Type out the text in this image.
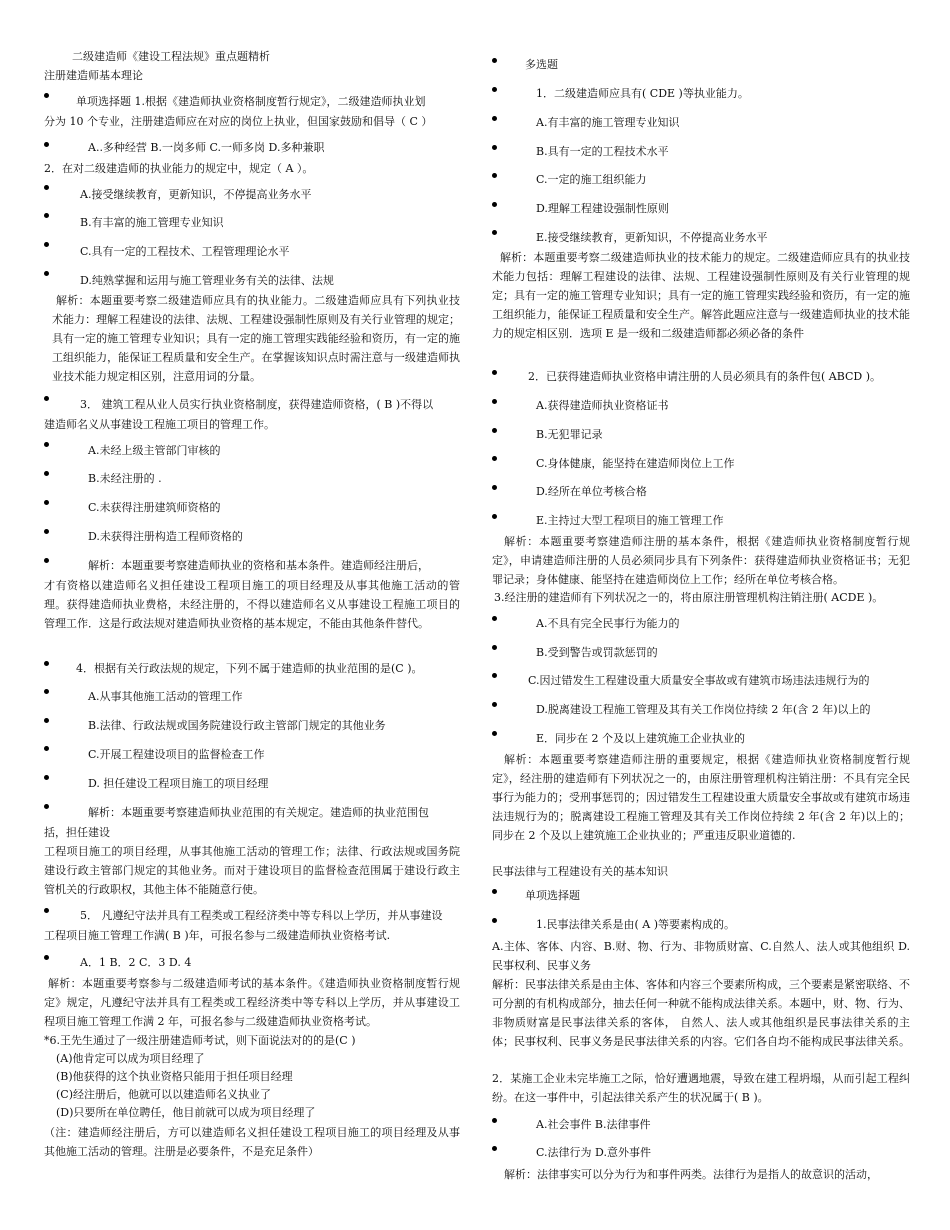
二级建造师《建设工程法规》重点题精析
注册建造师基本理论
单项选择题 1.根据《建造师执业资格制度暂行规定》，二级建造师执业划
分为 10 个专业，注册建造师应在对应的岗位上执业，但国家鼓励和倡导（ C ）
A..多种经营 B.一岗多师 C.一师多岗 D.多种兼职
2．在对二级建造师的执业能力的规定中，规定（ A ）。
A.接受继续教育，更新知识，不停提高业务水平
B.有丰富的施工管理专业知识
C.具有一定的工程技术、工程管理理论水平
D.纯熟掌握和运用与施工管理业务有关的法律、法规
解析：本题重要考察二级建造师应具有的执业能力。二级建造师应具有下列执业技术能力：理解工程建设的法律、法规、工程建设强制性原则及有关行业管理的规定；具有一定的施工管理专业知识；具有一定的施工管理实践能经验和资历，有一定的施工组织能力，能保证工程质量和安全生产。在掌握该知识点时需注意与一级建造师执业技术能力规定相区别，注意用词的分量。
3． 建筑工程从业人员实行执业资格制度，获得建造师资格，( B )不得以
建造师名义从事建设工程施工项目的管理工作。
A.未经上级主管部门审核的
B.未经注册的 .
C.未获得注册建筑师资格的
D.未获得注册构造工程师资格的
解析：本题重要考察建造师执业的资格和基本条件。建造师经注册后，
才有资格以建造师名义担任建设工程项目施工的项目经理及从事其他施工活动的管理。获得建造师执业费格，未经注册的，不得以建造师名义从事建设工程施工项目的管理工作．这是行政法规对建造师执业资格的基本规定，不能由其他条件替代。
4．根据有关行政法规的规定，下列不属于建造师的执业范围的是(C )。
A.从事其他施工活动的管理工作
B.法律、行政法规或国务院建设行政主管部门规定的其他业务
C.开展工程建设项目的监督检查工作
D. 担任建设工程项目施工的项目经理
解析：本题重要考察建造师执业范围的有关规定。建造师的执业范围包
括，担任建设
工程项目施工的项目经理，从事其他施工活动的管理工作；法律、行政法规或国务院建设行政主管部门规定的其他业务。而对于建设项目的监督检查范围属于建设行政主管机关的行政职权，其他主体不能随意行使。
5． 凡遵纪守法并具有工程类或工程经济类中等专科以上学历，并从事建设
工程项目施工管理工作满( B )年，可报名参与二级建造师执业资格考试.
A．1 B．2 C．3 D. 4
解析：本题重要考察参与二级建造师考试的基本条件。《建造师执业资格制度暂行规定》规定，凡遵纪守法并具有工程类或工程经济类中等专科以上学历，并从事建设工程项目施工管理工作满 2 年，可报名参与二级建造师执业资格考试。
*6.王先生通过了一级注册建造师考试，则下面说法对的的是(C )
(A)他肯定可以成为项目经理了
(B)他获得的这个执业资格只能用于担任项目经理
(C)经注册后，他就可以以建造师名义执业了
(D)只要所在单位聘任，他目前就可以成为项目经理了
（注：建造师经注册后，方可以建造师名义担任建设工程项目施工的项目经理及从事其他施工活动的管理。注册是必要条件，不是充足条件）
多选题
1．二级建造师应具有( CDE )等执业能力。
A.有丰富的施工管理专业知识
B.具有一定的工程技术水平
C.一定的施工组织能力
D.理解工程建设强制性原则
E.接受继续教育，更新知识，不停提高业务水平
解析：本题重要考察二级建造师执业的技术能力的规定。二级建造师应具有的执业技术能力包括：理解工程建设的法律、法规、工程建设强制性原则及有关行业管理的规定；具有一定的施工管理专业知识；具有一定的施工管理实践经验和资历，有一定的施工组织能力，能保证工程质量和安全生产。解答此题应注意与一级建造师执业的技术能力的规定相区别．选项 E 是一级和二级建造师都必须必备的条件
2．已获得建造师执业资格申请注册的人员必须具有的条件包( ABCD )。
A.获得建造师执业资格证书
B.无犯罪记录
C.身体健康，能坚持在建造师岗位上工作
D.经所在单位考核合格
E.主持过大型工程项目的施工管理工作
解析：本题重要考察建造师注册的基本条件，根据《建造师执业资格制度暂行规定》，申请建造师注册的人员必须同步具有下列条件：获得建造师执业资格证书；无犯罪记录；身体健康、能坚持在建造师岗位上工作；经所在单位考核合格。
3.经注册的建造师有下列状况之一的，将由原注册管理机构注销注册( ACDE )。
A.不具有完全民事行为能力的
B.受到警告或罚款惩罚的
C.因过错发生工程建设重大质量安全事故或有建筑市场违法违规行为的
D.脱离建设工程施工管理及其有关工作岗位持续 2 年(含 2 年)以上的
E．同步在 2 个及以上建筑施工企业执业的
解析：本题重要考察建造师注册的重要规定，根据《建造师执业资格制度暂行规定》，经注册的建造师有下列状况之一的，由原注册管理机构注销注册：不具有完全民事行为能力的；受刑事惩罚的；因过错发生工程建设重大质量安全事故或有建筑市场违法违规行为的；脱离建设工程施工管理及其有关工作岗位持续 2 年(含 2 年)以上的；同步在 2 个及以上建筑施工企业执业的；严重违反职业道德的.
民事法律与工程建设有关的基本知识
单项选择题
1.民事法律关系是由( A )等要素构成的。
A.主体、客体、内容、B.财、物、行为、非物质财富、C.自然人、法人或其他组织 D.民事权利、民事义务
解析：民事法律关系是由主体、客体和内容三个要素所构成，三个要素是紧密联络、不可分割的有机构成部分，抽去任何一种就不能构成法律关系。本题中，财、物、行为、非物质财富是民事法律关系的客体， 自然人、法人或其他组织是民事法律关系的主体；民事权利、民事义务是民事法律关系的内容。它们各自均不能构成民事法律关系。
2．某施工企业未完毕施工之际，恰好遭遇地震，导致在建工程坍塌，从而引起工程纠纷。在这一事件中，引起法律关系产生的状况属于( B )。
A.社会事件 B.法律事件
C.法律行为 D.意外事件
解析：法律事实可以分为行为和事件两类。法律行为是指人的故意识的活动，
